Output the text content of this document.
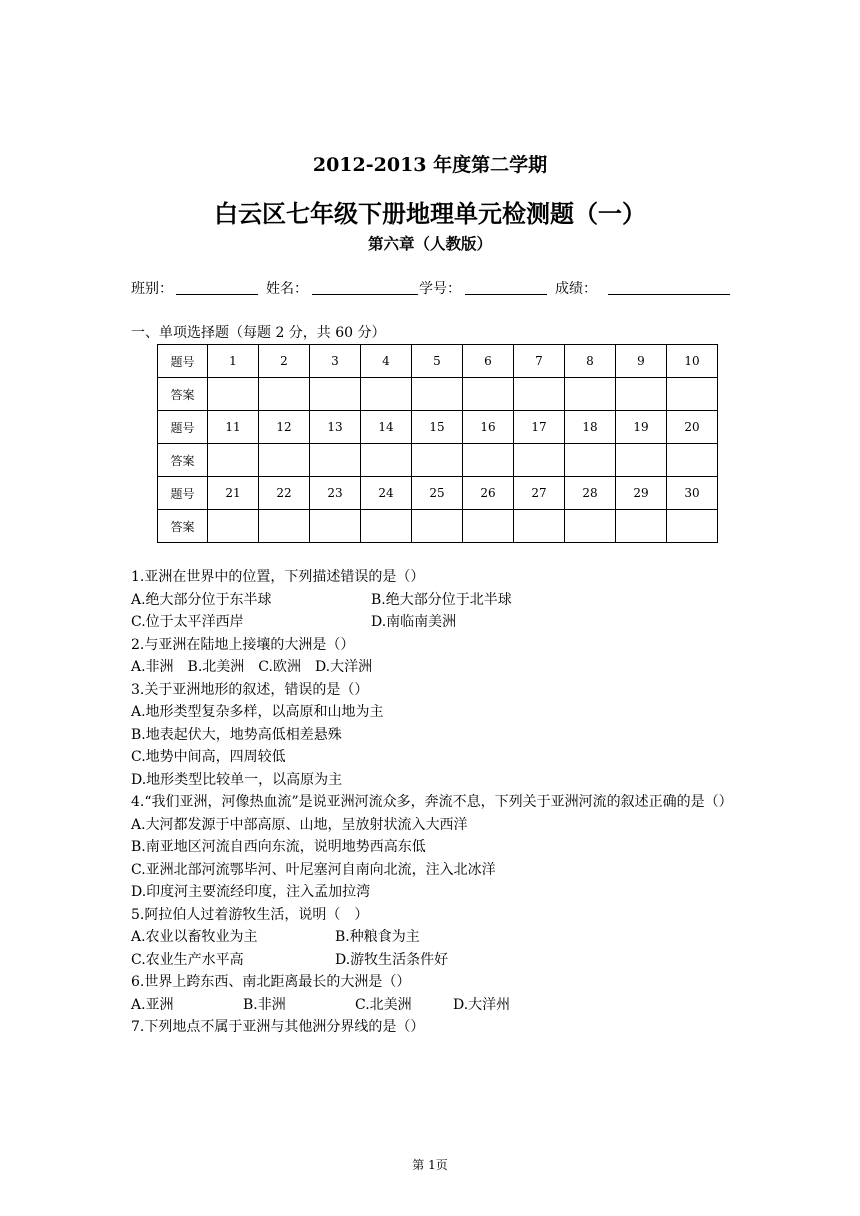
2012-2013 年度第二学期
白云区七年级下册地理单元检测题（一）
第六章（人教版）
班别：	姓名：	学号：	成绩：
一、单项选择题（每题 2 分，共 60 分）
题号	1	2	3	4	5	6	7	8	9	10
答案										
题号	11	12	13	14	15	16	17	18	19	20
答案										
题号	21	22	23	24	25	26	27	28	29	30
答案										
1.亚洲在世界中的位置，下列描述错误的是（）
A.绝大部分位于东半球	B.绝大部分位于北半球
C.位于太平洋西岸	D.南临南美洲
2.与亚洲在陆地上接壤的大洲是（）
A.非洲　B.北美洲　C.欧洲　D.大洋洲
3.关于亚洲地形的叙述，错误的是（）
A.地形类型复杂多样，以高原和山地为主
B.地表起伏大，地势高低相差悬殊
C.地势中间高，四周较低
D.地形类型比较单一，以高原为主
4.“我们亚洲，河像热血流”是说亚洲河流众多，奔流不息，下列关于亚洲河流的叙述正确的是（）
A.大河都发源于中部高原、山地，呈放射状流入大西洋
B.南亚地区河流自西向东流，说明地势西高东低
C.亚洲北部河流鄂毕河、叶尼塞河自南向北流，注入北冰洋
D.印度河主要流经印度，注入孟加拉湾
5.阿拉伯人过着游牧生活，说明（　）
A.农业以畜牧业为主	B.种粮食为主
C.农业生产水平高	D.游牧生活条件好
6.世界上跨东西、南北距离最长的大洲是（）
A.亚洲	B.非洲	C.北美洲	D.大洋州
7.下列地点不属于亚洲与其他洲分界线的是（）
第 1页
